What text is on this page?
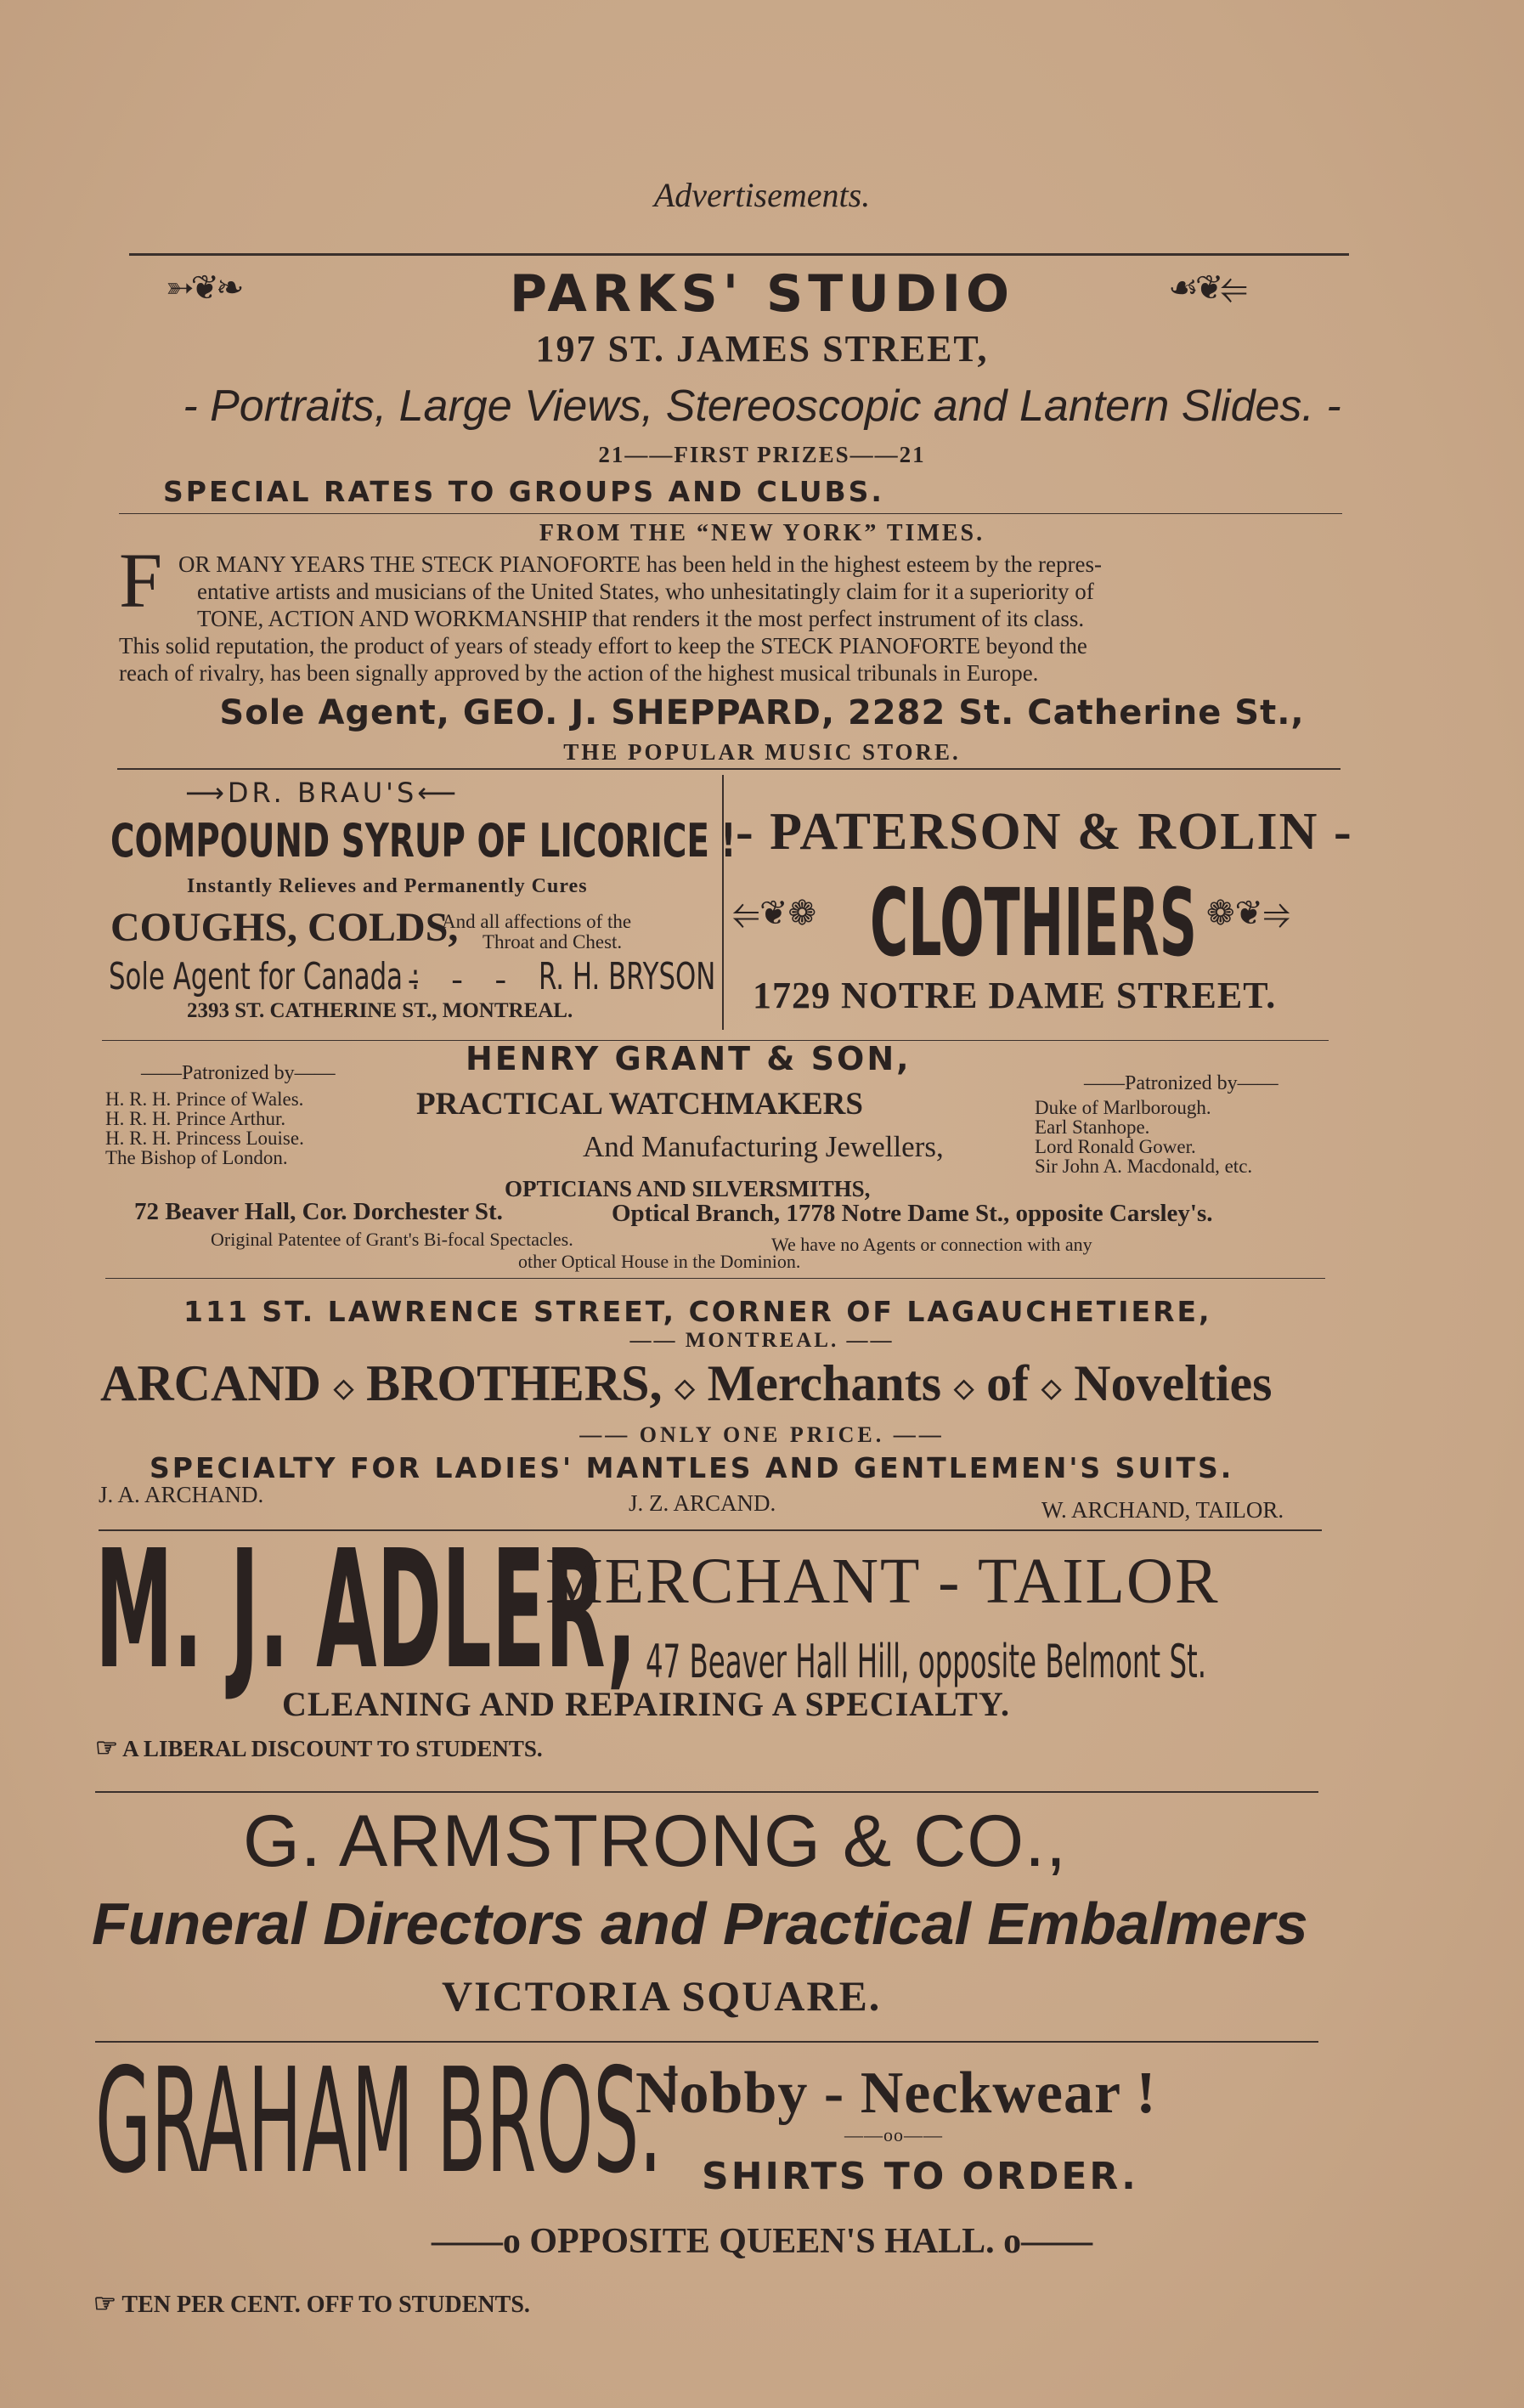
Advertisements.
➳❦❧	PARKS' STUDIO	☙❦⥢
197 ST. JAMES STREET,
- Portraits, Large Views, Stereoscopic and Lantern Slides. -
21——FIRST PRIZES——21
SPECIAL RATES TO GROUPS AND CLUBS.
FROM THE “NEW YORK” TIMES.
F OR MANY YEARS THE STECK PIANOFORTE has been held in the highest esteem by the repres-
entative artists and musicians of the United States, who unhesitatingly claim for it a superiority of
TONE, ACTION AND WORKMANSHIP that renders it the most perfect instrument of its class.
This solid reputation, the product of years of steady effort to keep the STECK PIANOFORTE beyond the
reach of rivalry, has been signally approved by the action of the highest musical tribunals in Europe.
Sole Agent, GEO. J. SHEPPARD, 2282 St. Catherine St.,
THE POPULAR MUSIC STORE.
⟶DR. BRAU'S⟵
COMPOUND SYRUP OF LICORICE !
Instantly Relieves and Permanently Cures
COUGHS, COLDS,
And all affections of the
Throat and Chest.
Sole Agent for Canada :
- - - R. H. BRYSON
2393 ST. CATHERINE ST., MONTREAL.
- PATERSON & ROLIN -
⥢❦❁ CLOTHIERS ❁❦⥤
1729 NOTRE DAME STREET.
——Patronized by——
H. R. H. Prince of Wales.
H. R. H. Prince Arthur.
H. R. H. Princess Louise.
The Bishop of London.
HENRY GRANT & SON,
PRACTICAL WATCHMAKERS
And Manufacturing Jewellers,
——Patronized by——
Duke of Marlborough.
Earl Stanhope.
Lord Ronald Gower.
Sir John A. Macdonald, etc.
OPTICIANS AND SILVERSMITHS,
72 Beaver Hall, Cor. Dorchester St.	Optical Branch, 1778 Notre Dame St., opposite Carsley's.
Original Patentee of Grant's Bi-focal Spectacles.	We have no Agents or connection with any
other Optical House in the Dominion.
111 ST. LAWRENCE STREET, CORNER OF LAGAUCHETIERE,
—— MONTREAL. ——
ARCAND ◇ BROTHERS, ◇ Merchants ◇ of ◇ Novelties
—— ONLY ONE PRICE. ——
SPECIALTY FOR LADIES' MANTLES AND GENTLEMEN'S SUITS.
J. A. ARCHAND.	J. Z. ARCAND.	W. ARCHAND, TAILOR.
M. J. ADLER,
MERCHANT - TAILOR
47 Beaver Hall Hill, opposite Belmont St.
CLEANING AND REPAIRING A SPECIALTY.
☞ A LIBERAL DISCOUNT TO STUDENTS.
G. ARMSTRONG & CO.,
Funeral Directors and Practical Embalmers
VICTORIA SQUARE.
GRAHAM BROS.'
Nobby - Neckwear !
——oo——
SHIRTS TO ORDER.
——o OPPOSITE QUEEN'S HALL. o——
☞ TEN PER CENT. OFF TO STUDENTS.
